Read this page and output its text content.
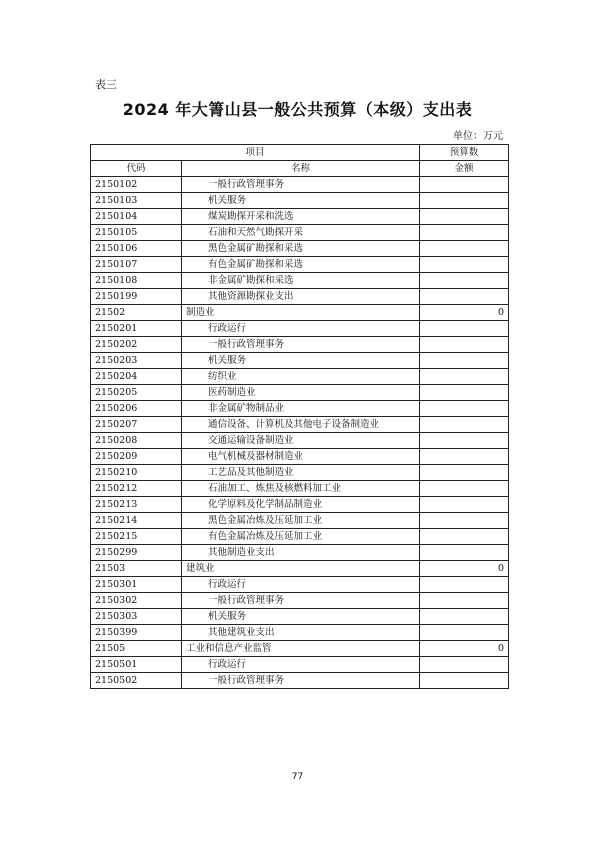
表三
2024 年大箐山县一般公共预算（本级）支出表
单位：万元
项目		预算数
代码	名称	金额
2150102	一般行政管理事务	
2150103	机关服务	
2150104	煤炭勘探开采和洗选	
2150105	石油和天然气勘探开采	
2150106	黑色金属矿勘探和采选	
2150107	有色金属矿勘探和采选	
2150108	非金属矿勘探和采选	
2150199	其他资源勘探业支出	
21502	制造业	0
2150201	行政运行	
2150202	一般行政管理事务	
2150203	机关服务	
2150204	纺织业	
2150205	医药制造业	
2150206	非金属矿物制品业	
2150207	通信设备、计算机及其他电子设备制造业	
2150208	交通运输设备制造业	
2150209	电气机械及器材制造业	
2150210	工艺品及其他制造业	
2150212	石油加工、炼焦及核燃料加工业	
2150213	化学原料及化学制品制造业	
2150214	黑色金属冶炼及压延加工业	
2150215	有色金属冶炼及压延加工业	
2150299	其他制造业支出	
21503	建筑业	0
2150301	行政运行	
2150302	一般行政管理事务	
2150303	机关服务	
2150399	其他建筑业支出	
21505	工业和信息产业监管	0
2150501	行政运行	
2150502	一般行政管理事务	
77
